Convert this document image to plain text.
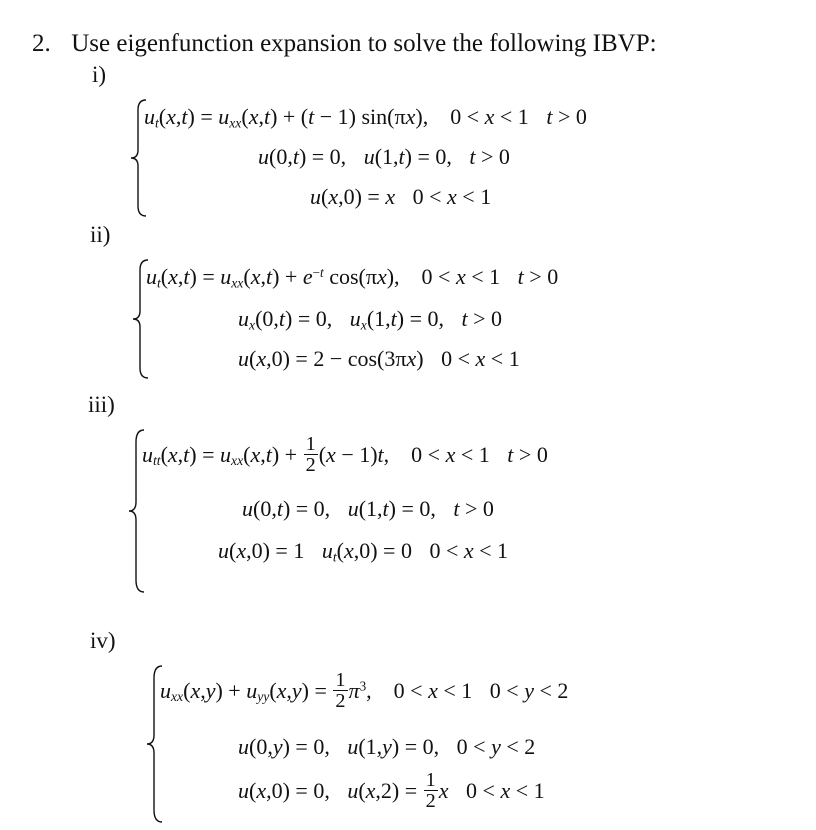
2. Use eigenfunction expansion to solve the following IBVP:
i)
$u_t(x,t) = u_{xx}(x,t) + (t - 1)$ sin(πx), 0 < x < 1 t > 0
u(0,t) = 0, u(1,t) = 0, t > 0
u(x,0) = x 0 < x < 1
ii)
$u_t(x,t) = u_{xx}(x,t) + e^{-t}$ cos(πx), 0 < x < 1 t > 0
$u_x(0,t) = 0$, $u_x(1,t) = 0$, t > 0
u(x,0) = 2 − cos(3πx) 0 < x < 1
iii)
$u_{tt}(x,t) = u_{xx}(x,t) + \frac{1}{2} (x - 1)t$, 0 < x < 1 t > 0
u(0,t) = 0, u(1,t) = 0, t > 0
u(x,0) = 1 $u_t(x,0) = 0$ 0 < x < 1
iv)
$u_{xx}(x,y) + u_{yy}(x,y) = \frac{1}{2} \pi^3$, 0 < x < 1 0 < y < 2
u(0,y) = 0, u(1,y) = 0, 0 < y < 2
u(x,0) = 0, $u(x,2) = \frac{1}{2}$ x 0 < x < 1
